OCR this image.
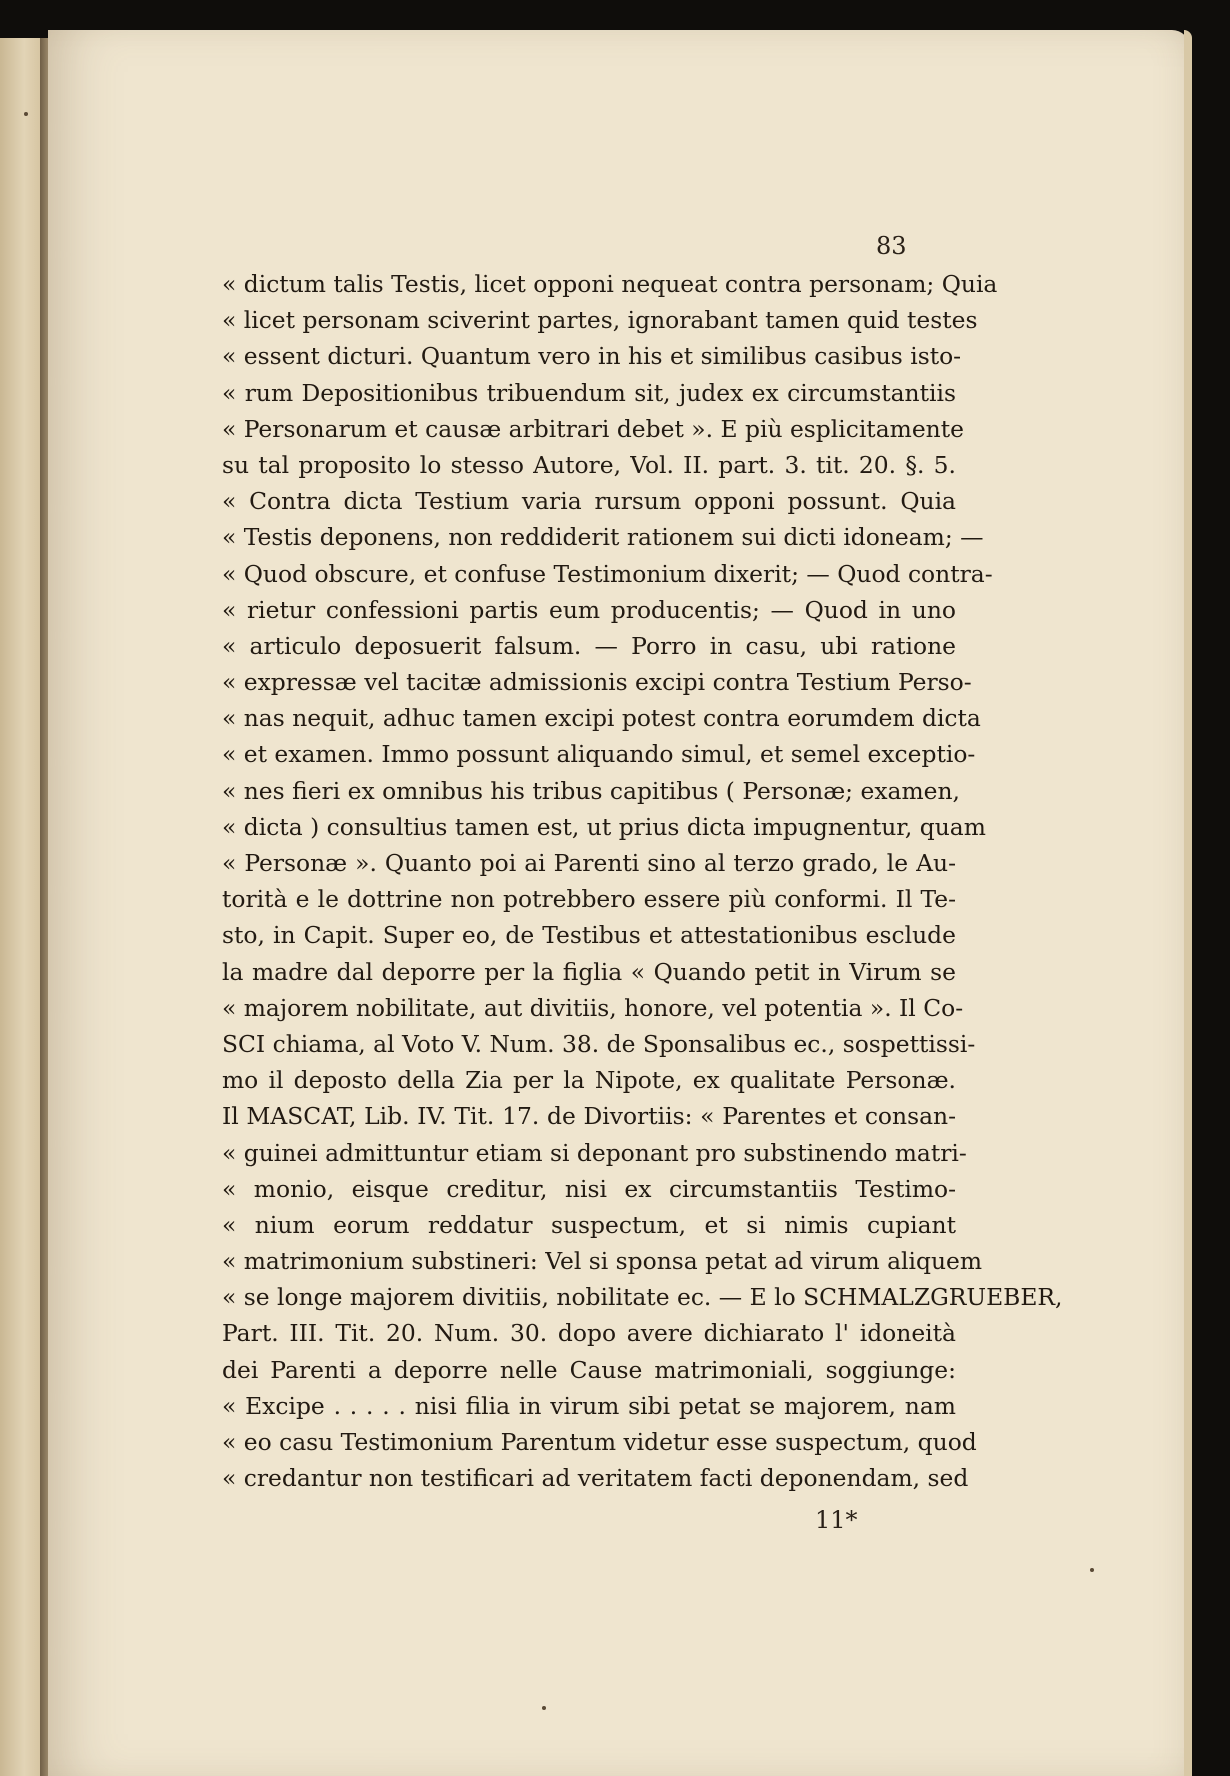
83
« dictum talis Testis, licet opponi nequeat contra personam; Quia
« licet personam sciverint partes, ignorabant tamen quid testes
« essent dicturi. Quantum vero in his et similibus casibus isto-
« rum Depositionibus tribuendum sit, judex ex circumstantiis
« Personarum et causæ arbitrari debet ». E più esplicitamente
su tal proposito lo stesso Autore, Vol. II. part. 3. tit. 20. §. 5.
« Contra dicta Testium varia rursum opponi possunt. Quia
« Testis deponens, non reddiderit rationem sui dicti idoneam; —
« Quod obscure, et confuse Testimonium dixerit; — Quod contra-
« rietur confessioni partis eum producentis; — Quod in uno
« articulo deposuerit falsum. — Porro in casu, ubi ratione
« expressæ vel tacitæ admissionis excipi contra Testium Perso-
« nas nequit, adhuc tamen excipi potest contra eorumdem dicta
« et examen. Immo possunt aliquando simul, et semel exceptio-
« nes fieri ex omnibus his tribus capitibus ( Personæ; examen,
« dicta ) consultius tamen est, ut prius dicta impugnentur, quam
« Personæ ». Quanto poi ai Parenti sino al terzo grado, le Au-
torità e le dottrine non potrebbero essere più conformi. Il Te-
sto, in Capit. Super eo, de Testibus et attestationibus esclude
la madre dal deporre per la figlia « Quando petit in Virum se
« majorem nobilitate, aut divitiis, honore, vel potentia ». Il Co-
SCI chiama, al Voto V. Num. 38. de Sponsalibus ec., sospettissi-
mo il deposto della Zia per la Nipote, ex qualitate Personæ.
Il MASCAT, Lib. IV. Tit. 17. de Divortiis: « Parentes et consan-
« guinei admittuntur etiam si deponant pro substinendo matri-
« monio, eisque creditur, nisi ex circumstantiis Testimo-
« nium eorum reddatur suspectum, et si nimis cupiant
« matrimonium substineri: Vel si sponsa petat ad virum aliquem
« se longe majorem divitiis, nobilitate ec. — E lo SCHMALZGRUEBER,
Part. III. Tit. 20. Num. 30. dopo avere dichiarato l' idoneità
dei Parenti a deporre nelle Cause matrimoniali, soggiunge:
« Excipe . . . . . nisi filia in virum sibi petat se majorem, nam
« eo casu Testimonium Parentum videtur esse suspectum, quod
« credantur non testificari ad veritatem facti deponendam, sed
11*
